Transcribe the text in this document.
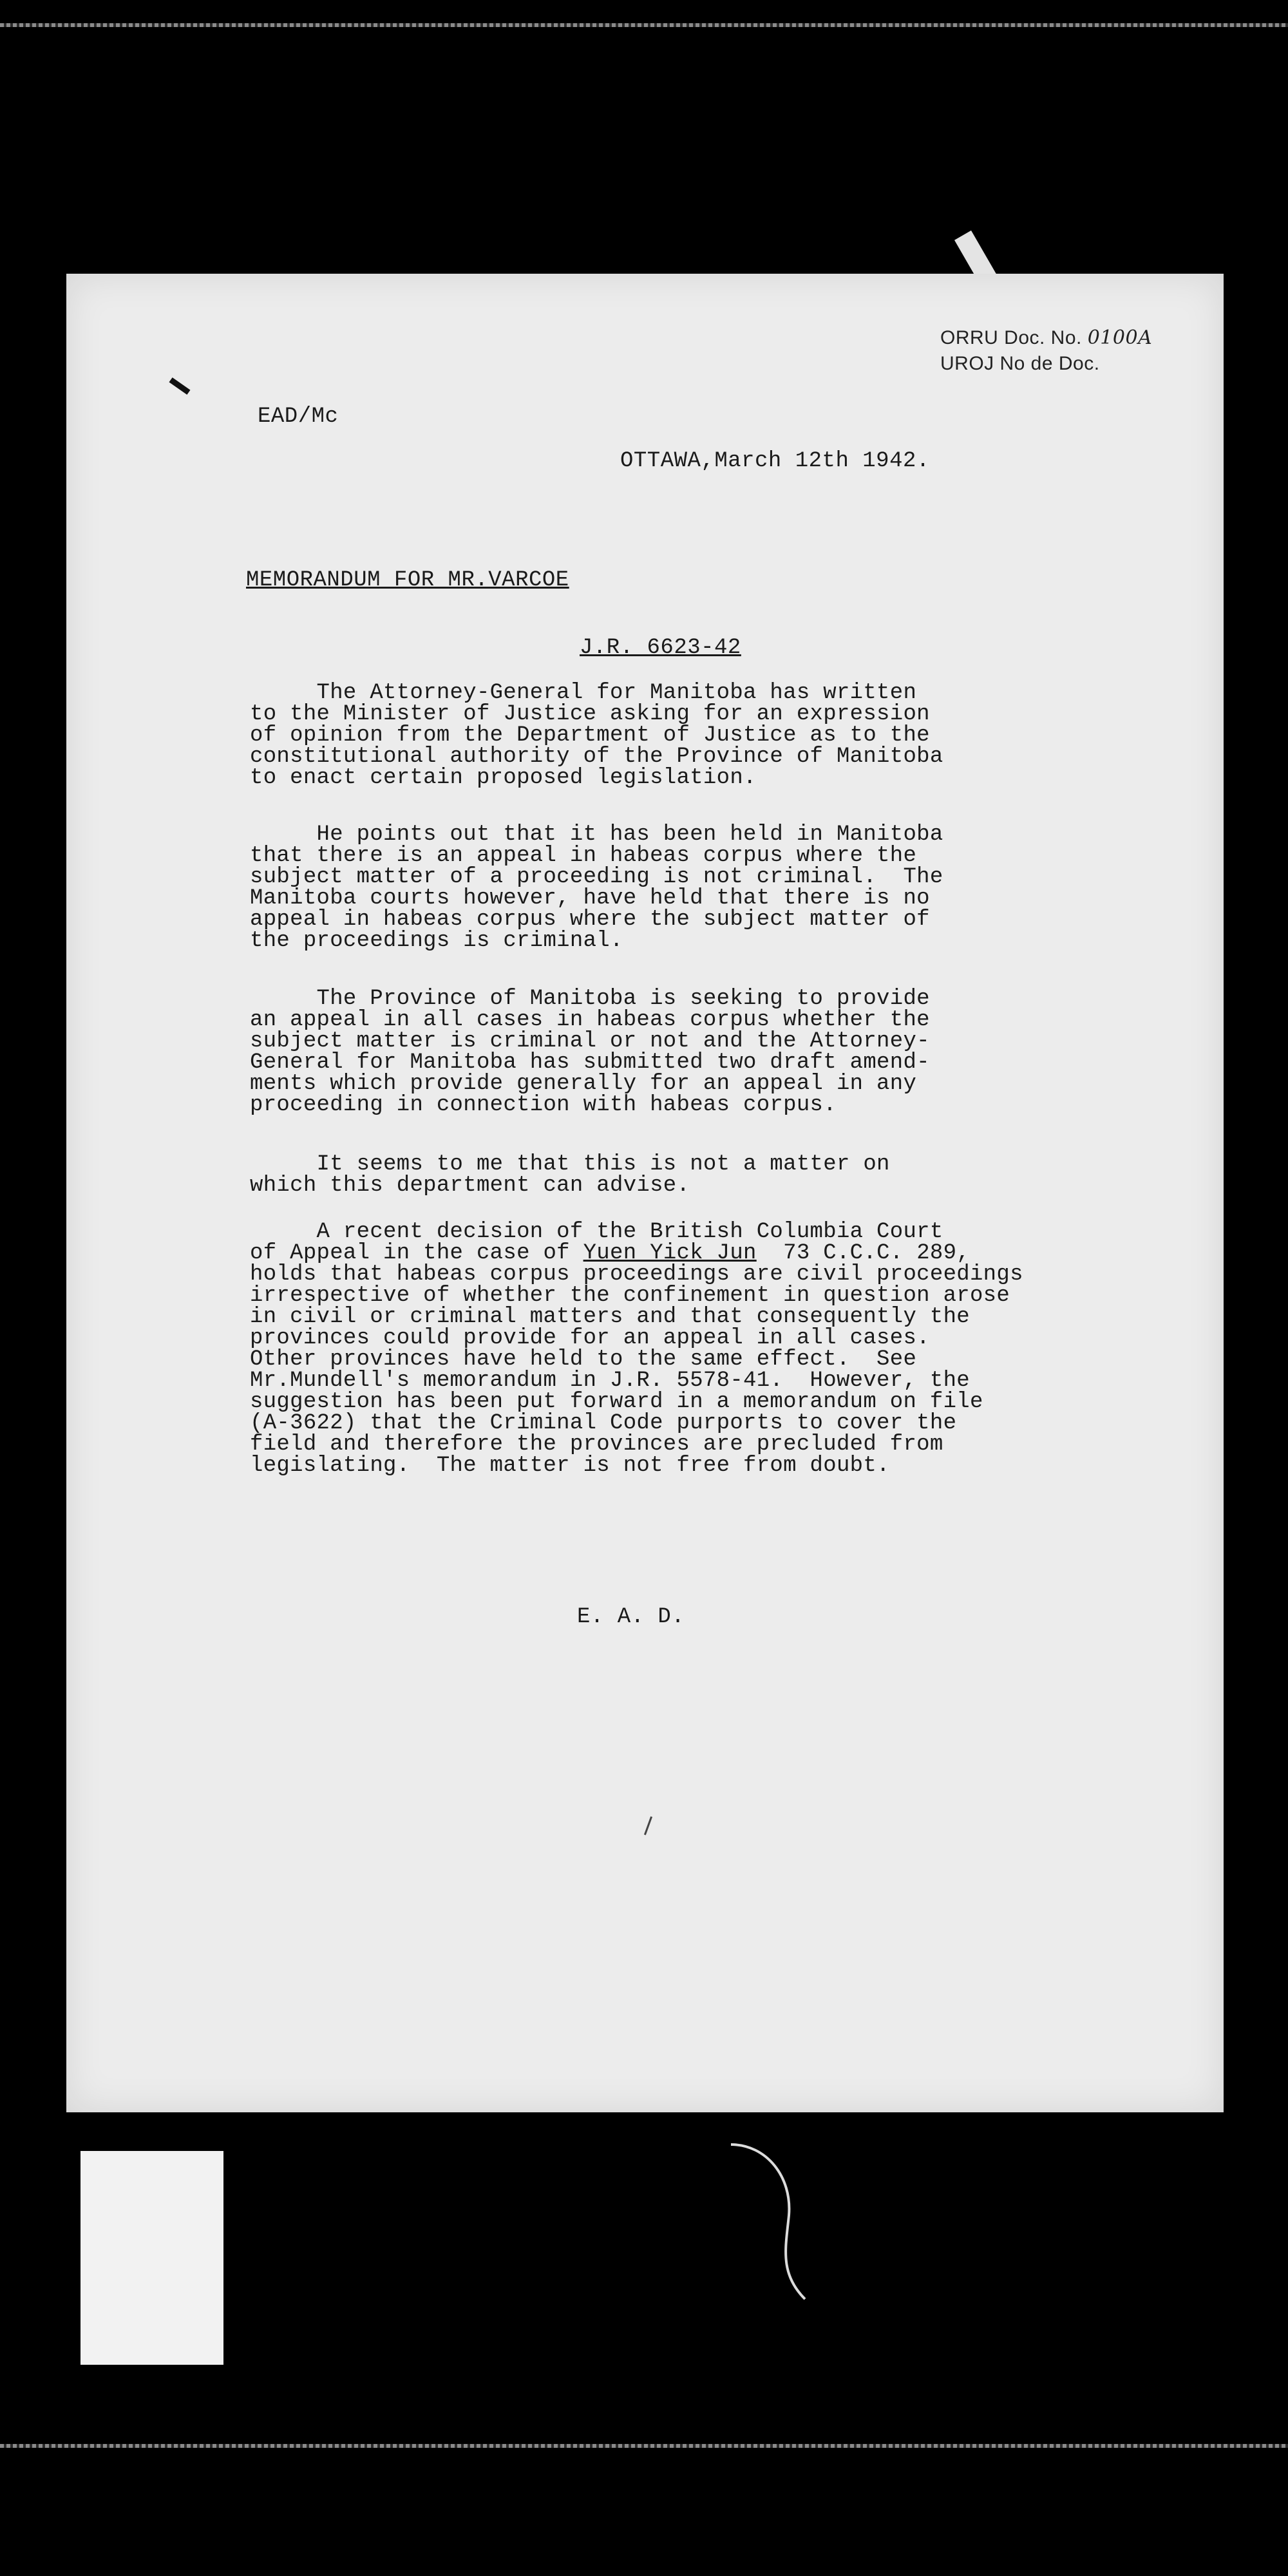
ORRU Doc. No. 0100A
UROJ No de Doc.
EAD/Mc
OTTAWA,March 12th 1942.
MEMORANDUM FOR MR.VARCOE
J.R. 6623-42
The Attorney-General for Manitoba has written
to the Minister of Justice asking for an expression
of opinion from the Department of Justice as to the
constitutional authority of the Province of Manitoba
to enact certain proposed legislation.
He points out that it has been held in Manitoba
that there is an appeal in habeas corpus where the
subject matter of a proceeding is not criminal.  The
Manitoba courts however, have held that there is no
appeal in habeas corpus where the subject matter of
the proceedings is criminal.
The Province of Manitoba is seeking to provide
an appeal in all cases in habeas corpus whether the
subject matter is criminal or not and the Attorney-
General for Manitoba has submitted two draft amend-
ments which provide generally for an appeal in any
proceeding in connection with habeas corpus.
It seems to me that this is not a matter on
which this department can advise.
A recent decision of the British Columbia Court
of Appeal in the case of Yuen Yick Jun  73 C.C.C. 289,
holds that habeas corpus proceedings are civil proceedings
irrespective of whether the confinement in question arose
in civil or criminal matters and that consequently the
provinces could provide for an appeal in all cases.
Other provinces have held to the same effect.  See
Mr.Mundell's memorandum in J.R. 5578-41.  However, the
suggestion has been put forward in a memorandum on file
(A-3622) that the Criminal Code purports to cover the
field and therefore the provinces are precluded from
legislating.  The matter is not free from doubt.
E. A. D.
